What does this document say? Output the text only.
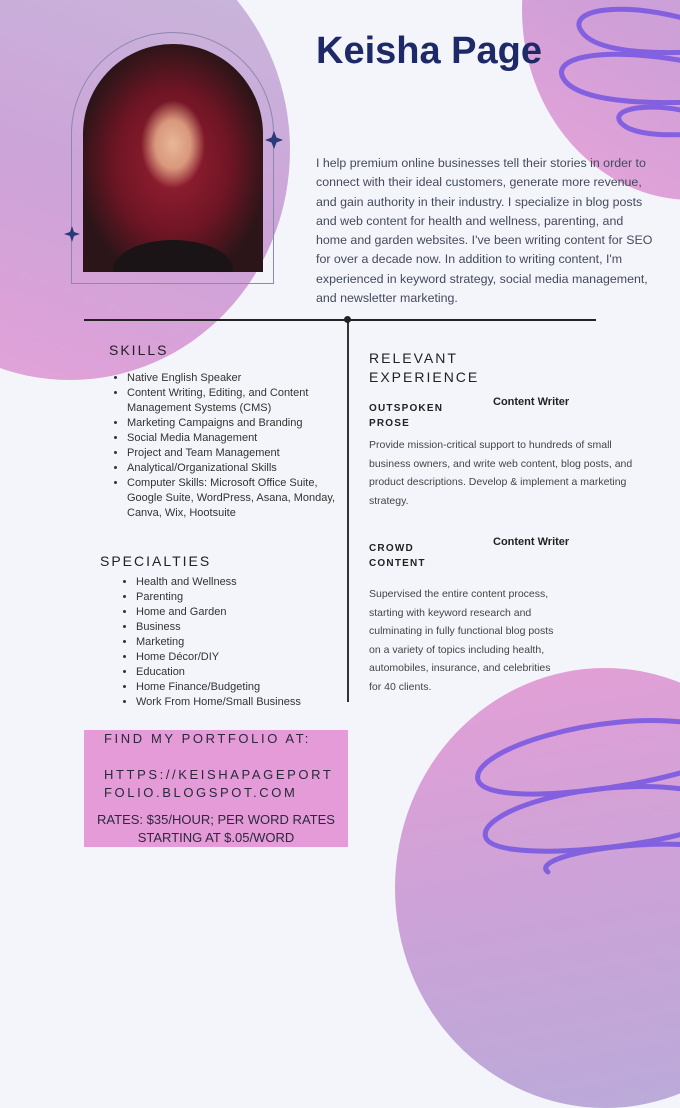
Keisha Page

I help premium online businesses tell their stories in order to connect with their ideal customers, generate more revenue, and gain authority in their industry. I specialize in blog posts and web content for health and wellness, parenting, and home and garden websites. I've been writing content for SEO for over a decade now. In addition to writing content, I'm experienced in keyword strategy, social media management, and newsletter marketing.

SKILLS
• Native English Speaker
• Content Writing, Editing, and Content Management Systems (CMS)
• Marketing Campaigns and Branding
• Social Media Management
• Project and Team Management
• Analytical/Organizational Skills
• Computer Skills: Microsoft Office Suite, Google Suite, WordPress, Asana, Monday, Canva, Wix, Hootsuite
SPECIALTIES
• Health and Wellness
• Parenting
• Home and Garden
• Business
• Marketing
• Home Décor/DIY
• Education
• Home Finance/Budgeting
• Work From Home/Small Business
RELEVANT EXPERIENCE
OUTSPOKEN PROSE
Content Writer

Provide mission-critical support to hundreds of small business owners, and write web content, blog posts, and product descriptions. Develop & implement a marketing strategy.

CROWD CONTENT
Content Writer

Supervised the entire content process, starting with keyword research and culminating in fully functional blog posts on a variety of topics including health, automobiles, insurance, and celebrities for 40 clients.

FIND MY PORTFOLIO AT:
HTTPS://KEISHAPAGEPORTFOLIO.BLOGSPOT.COM
RATES: $35/HOUR; PER WORD RATES STARTING AT $.05/WORD
